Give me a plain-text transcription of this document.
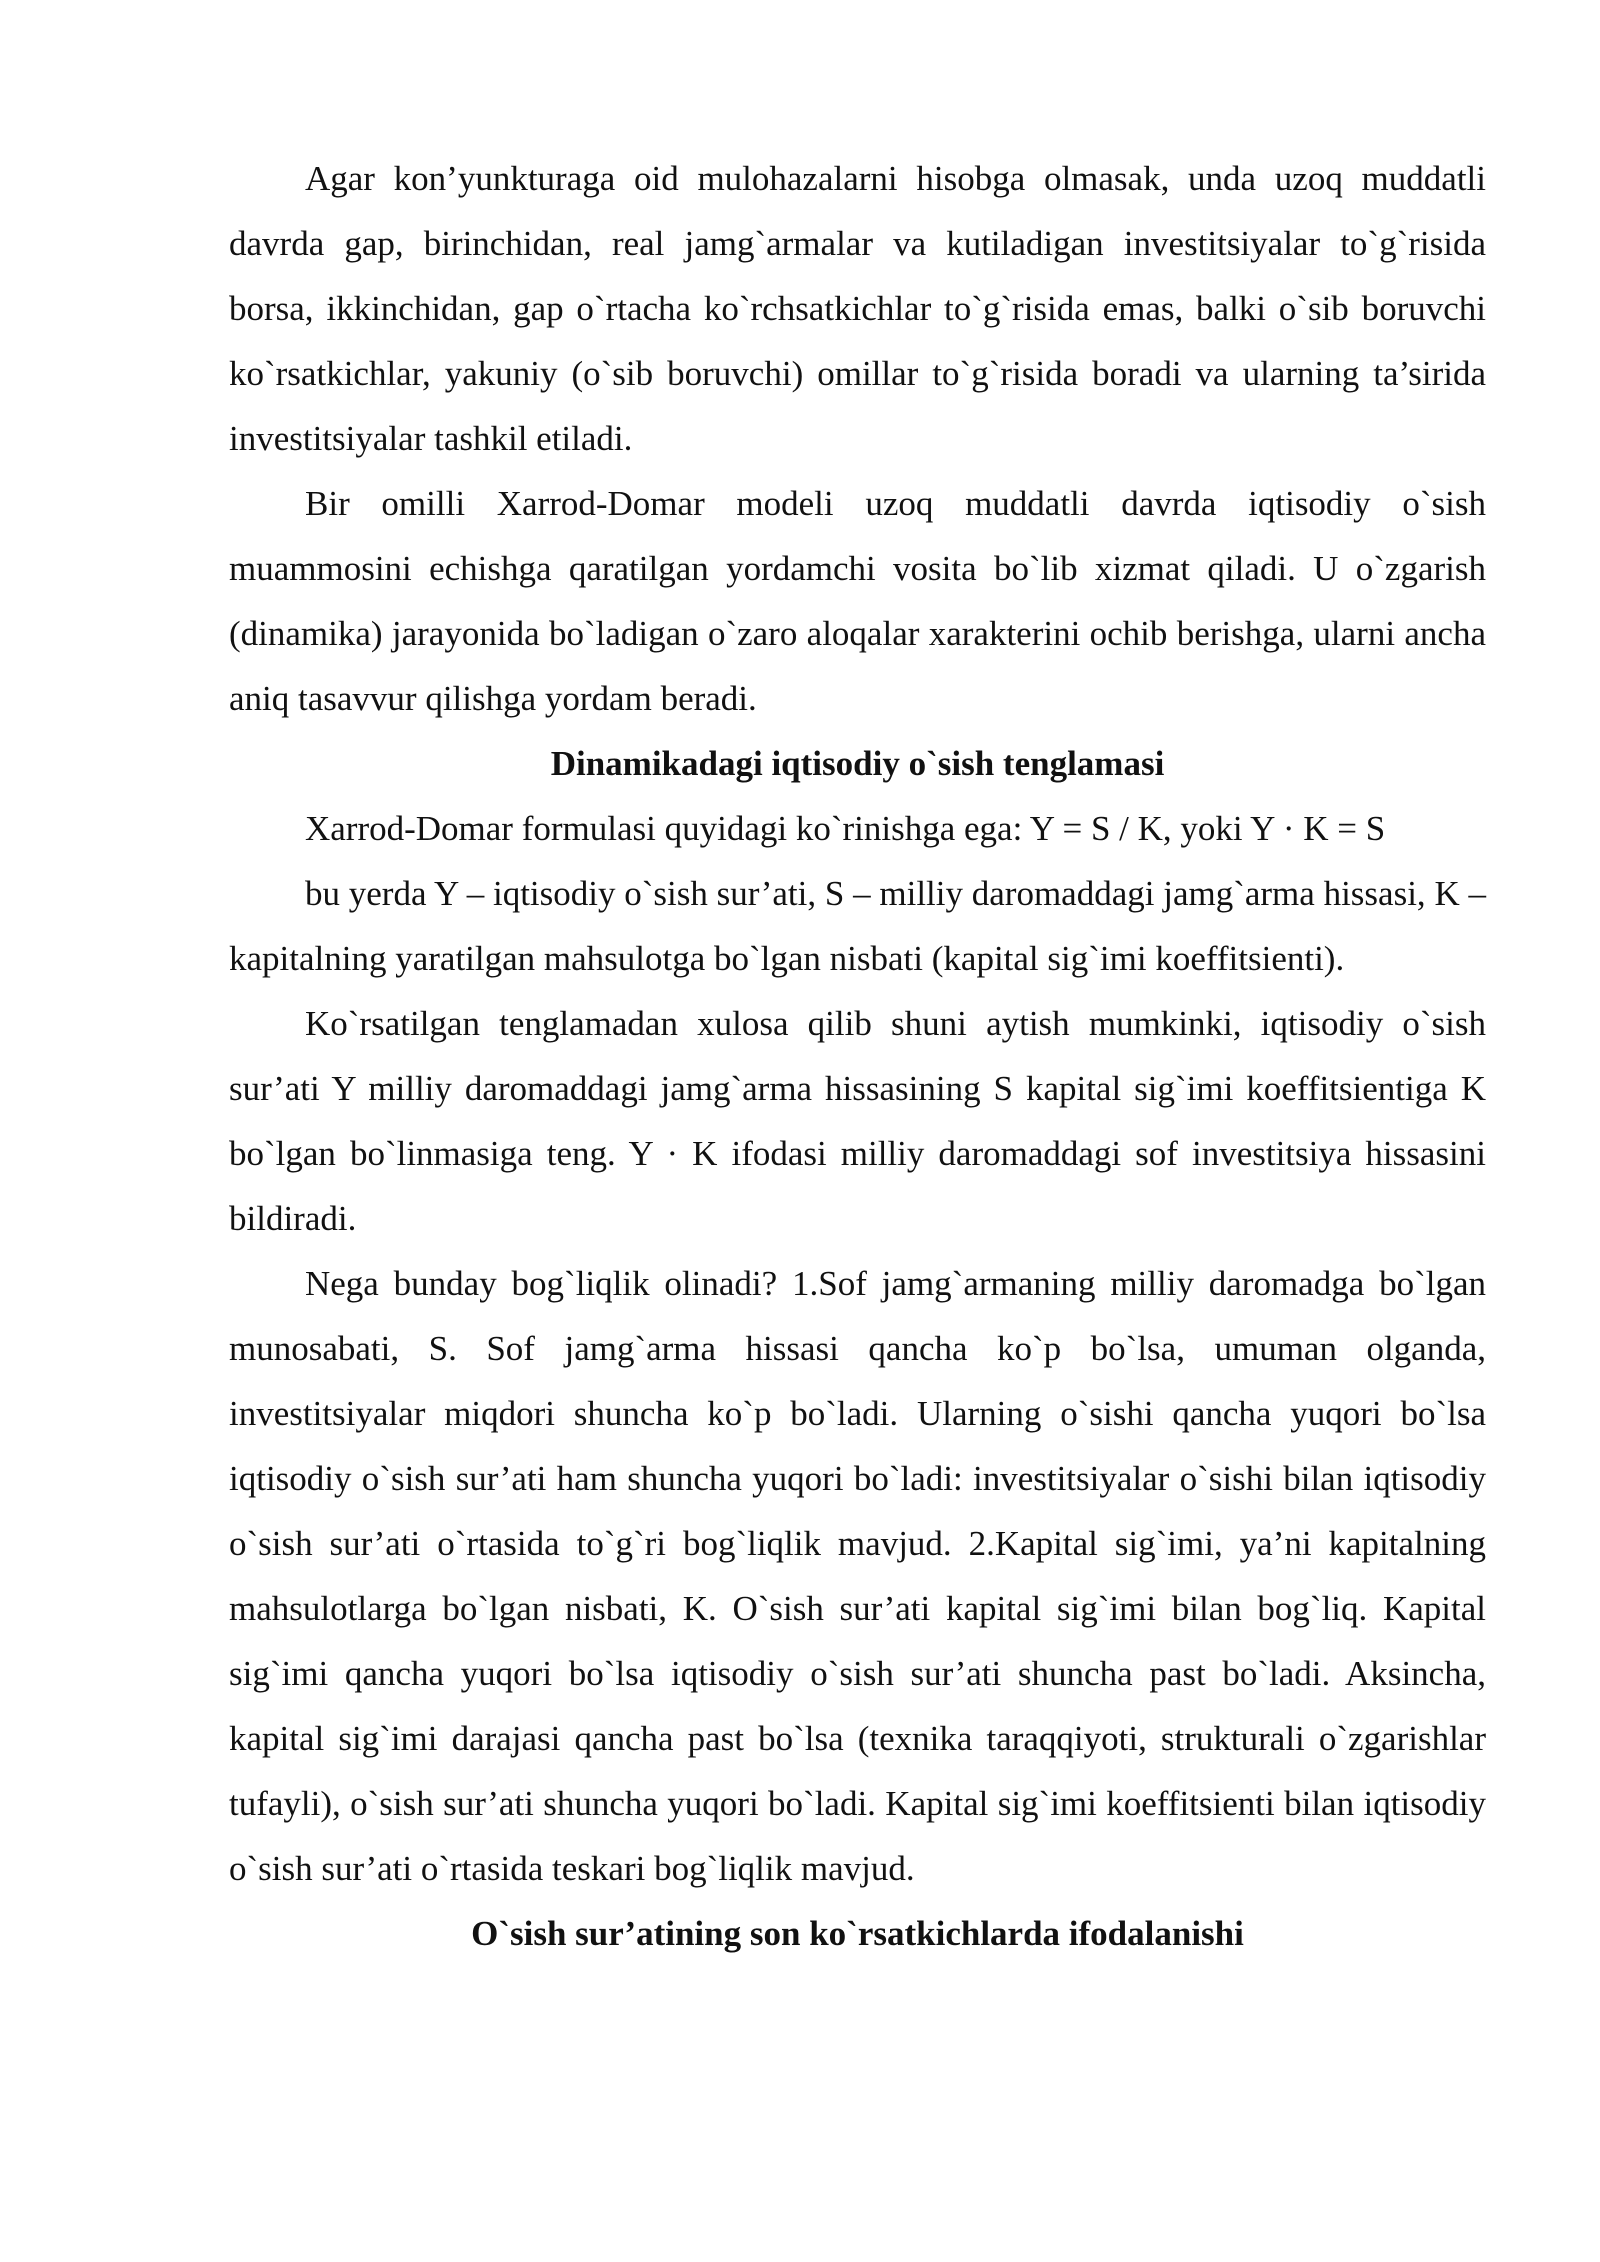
Agar kon’yunkturaga oid mulohazalarni hisobga olmasak, unda uzoq muddatli davrda gap, birinchidan, real jamg`armalar va kutiladigan investitsiyalar to`g`risida borsa, ikkinchidan, gap o`rtacha ko`rchsatkichlar to`g`risida emas, balki o`sib boruvchi ko`rsatkichlar, yakuniy (o`sib boruvchi) omillar to`g`risida boradi va ularning ta’sirida investitsiyalar tashkil etiladi.

Bir omilli Xarrod-Domar modeli uzoq muddatli davrda iqtisodiy o`sish muammosini echishga qaratilgan yordamchi vosita bo`lib xizmat qiladi. U o`zgarish (dinamika) jarayonida bo`ladigan o`zaro aloqalar xarakterini ochib berishga, ularni ancha aniq tasavvur qilishga yordam beradi.

Dinamikadagi iqtisodiy o`sish tenglamasi

Xarrod-Domar formulasi quyidagi ko`rinishga ega: Y = S / K, yoki Y · K = S

bu yerda Y – iqtisodiy o`sish sur’ati, S – milliy daromaddagi jamg`arma hissasi, K – kapitalning yaratilgan mahsulotga bo`lgan nisbati (kapital sig`imi koeffitsienti).

Ko`rsatilgan tenglamadan xulosa qilib shuni aytish mumkinki, iqtisodiy o`sish sur’ati Y milliy daromaddagi jamg`arma hissasining S kapital sig`imi koeffitsientiga K bo`lgan bo`linmasiga teng. Y · K ifodasi milliy daromaddagi sof investitsiya hissasini bildiradi.

Nega bunday bog`liqlik olinadi? 1.Sof jamg`armaning milliy daromadga bo`lgan munosabati, S. Sof jamg`arma hissasi qancha ko`p bo`lsa, umuman olganda, investitsiyalar miqdori shuncha ko`p bo`ladi. Ularning o`sishi qancha yuqori bo`lsa iqtisodiy o`sish sur’ati ham shuncha yuqori bo`ladi: investitsiyalar o`sishi bilan iqtisodiy o`sish sur’ati o`rtasida to`g`ri bog`liqlik mavjud. 2.Kapital sig`imi, ya’ni kapitalning mahsulotlarga bo`lgan nisbati, K. O`sish sur’ati kapital sig`imi bilan bog`liq. Kapital sig`imi qancha yuqori bo`lsa iqtisodiy o`sish sur’ati shuncha past bo`ladi. Aksincha, kapital sig`imi darajasi qancha past bo`lsa (texnika taraqqiyoti, strukturali o`zgarishlar tufayli), o`sish sur’ati shuncha yuqori bo`ladi. Kapital sig`imi koeffitsienti bilan iqtisodiy o`sish sur’ati o`rtasida teskari bog`liqlik mavjud.

O`sish sur’atining son ko`rsatkichlarda ifodalanishi
